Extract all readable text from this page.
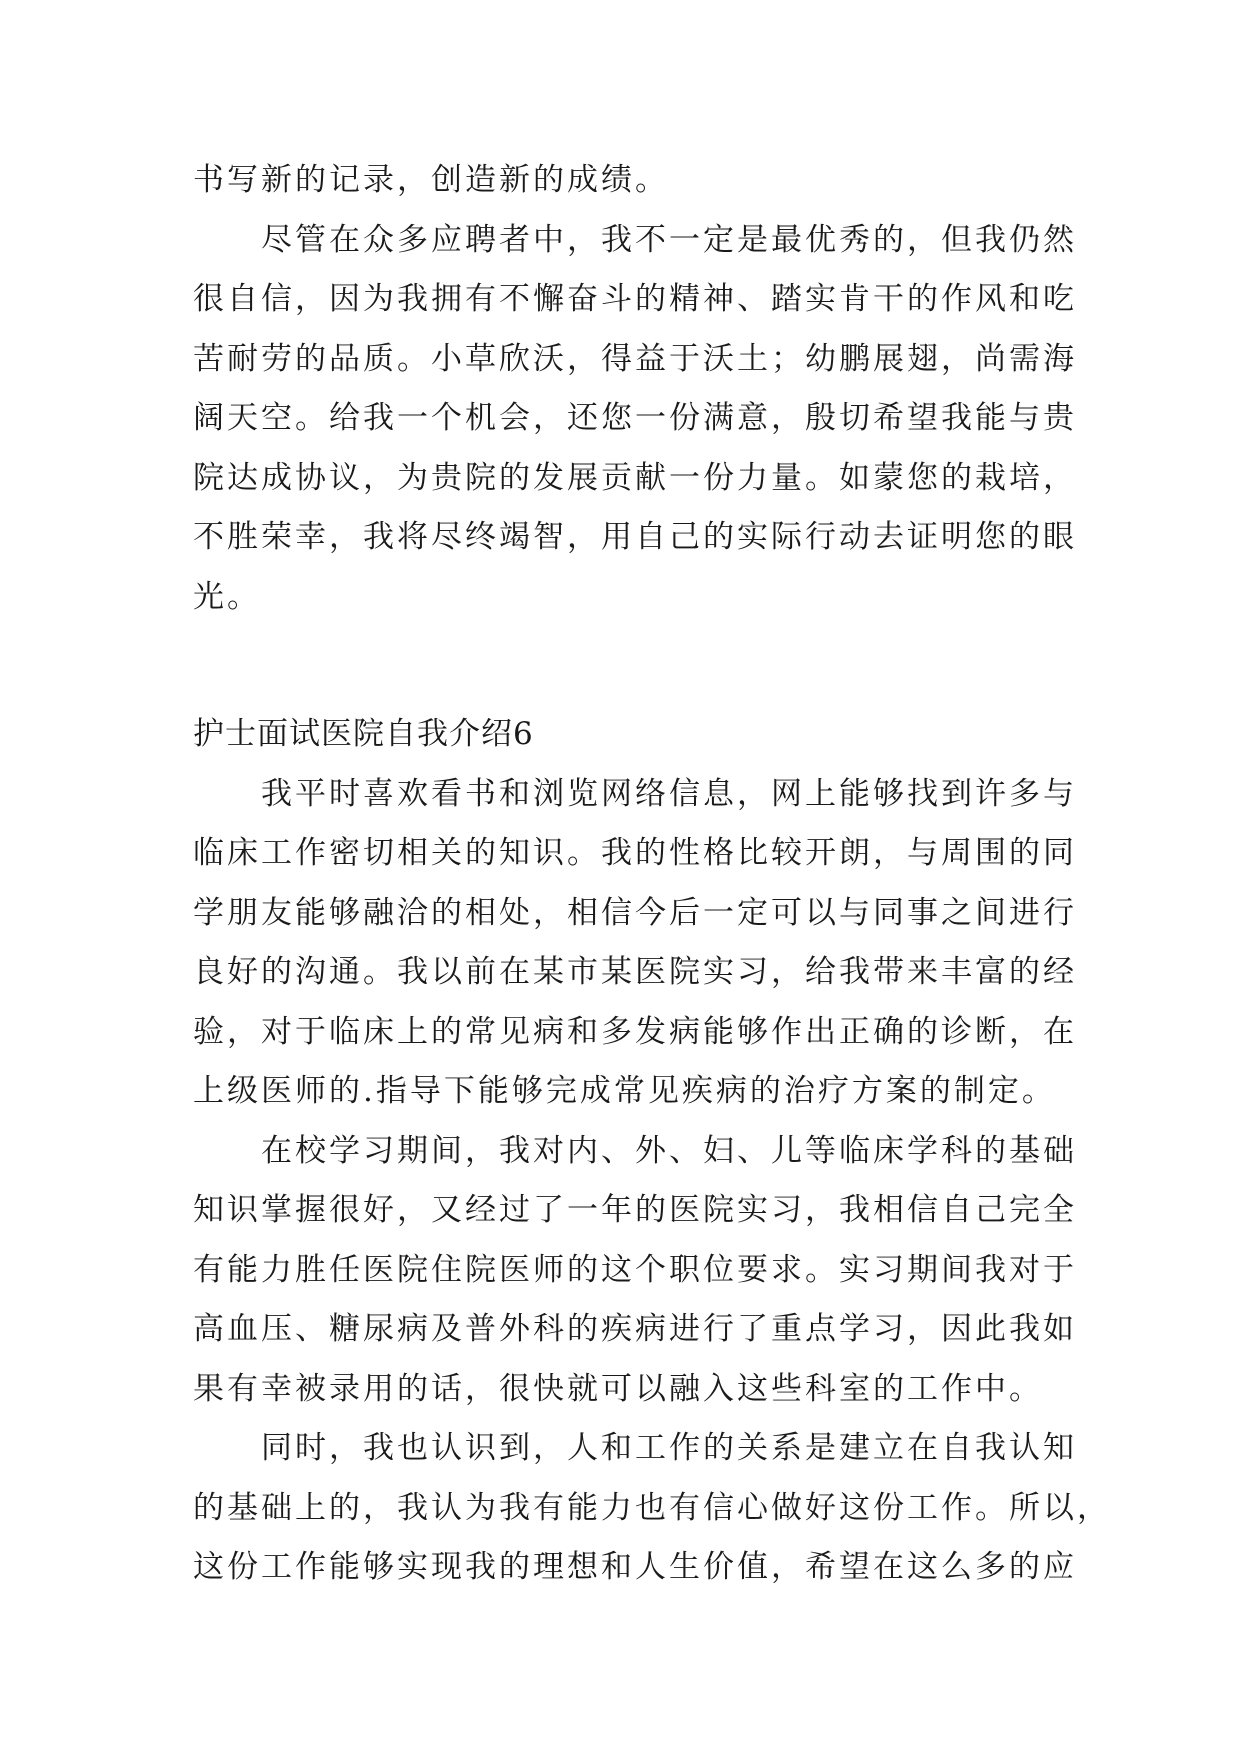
书写新的记录，创造新的成绩。
尽管在众多应聘者中，我不一定是最优秀的，但我仍然
很自信，因为我拥有不懈奋斗的精神、踏实肯干的作风和吃
苦耐劳的品质。小草欣沃，得益于沃土；幼鹏展翅，尚需海
阔天空。给我一个机会，还您一份满意，殷切希望我能与贵
院达成协议，为贵院的发展贡献一份力量。如蒙您的栽培，
不胜荣幸，我将尽终竭智，用自己的实际行动去证明您的眼
光。
护士面试医院自我介绍6
我平时喜欢看书和浏览网络信息，网上能够找到许多与
临床工作密切相关的知识。我的性格比较开朗，与周围的同
学朋友能够融洽的相处，相信今后一定可以与同事之间进行
良好的沟通。我以前在某市某医院实习，给我带来丰富的经
验，对于临床上的常见病和多发病能够作出正确的诊断，在
上级医师的.指导下能够完成常见疾病的治疗方案的制定。
在校学习期间，我对内、外、妇、儿等临床学科的基础
知识掌握很好，又经过了一年的医院实习，我相信自己完全
有能力胜任医院住院医师的这个职位要求。实习期间我对于
高血压、糖尿病及普外科的疾病进行了重点学习，因此我如
果有幸被录用的话，很快就可以融入这些科室的工作中。
同时，我也认识到，人和工作的关系是建立在自我认知
的基础上的，我认为我有能力也有信心做好这份工作。所以，
这份工作能够实现我的理想和人生价值，希望在这么多的应
